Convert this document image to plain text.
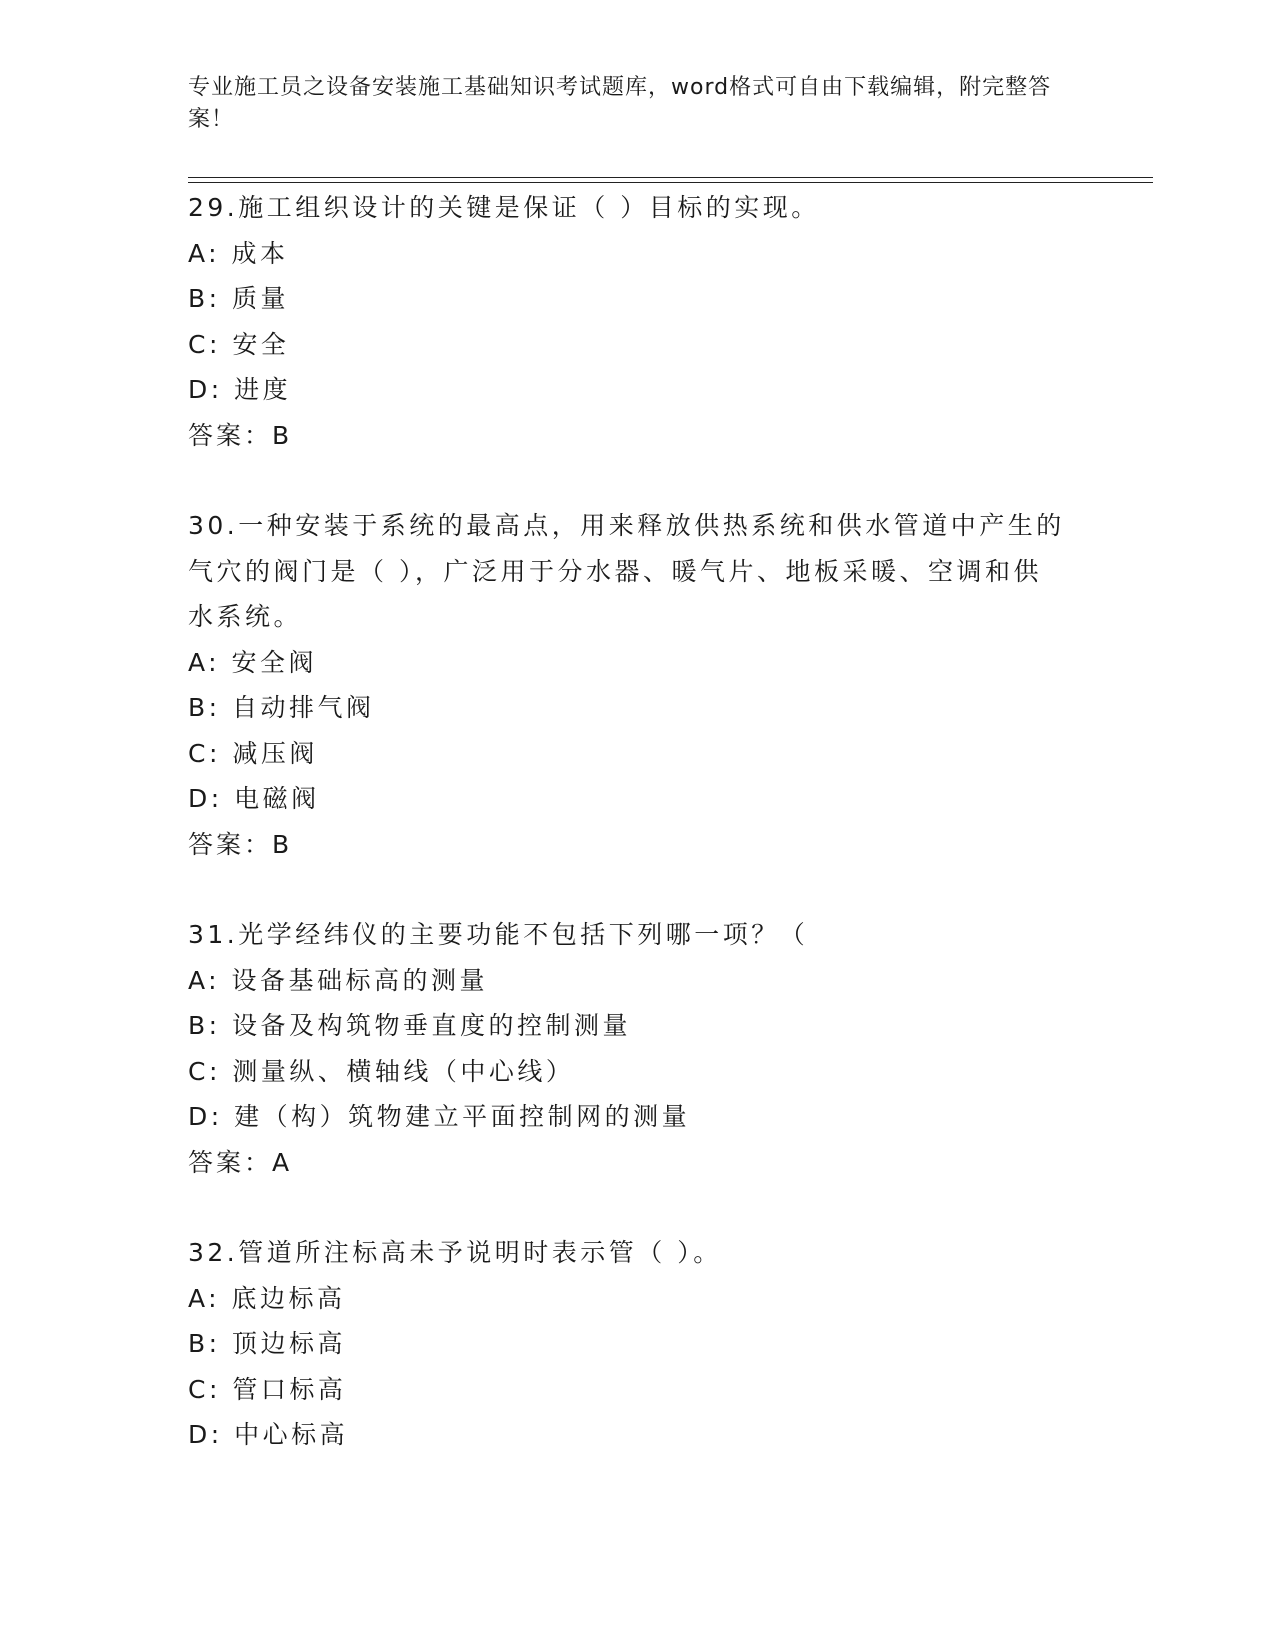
专业施工员之设备安装施工基础知识考试题库，word格式可自由下载编辑，附完整答案！
29.施工组织设计的关键是保证（ ）目标的实现。
A: 成本
B: 质量
C: 安全
D: 进度
答案：B
30.一种安装于系统的最高点，用来释放供热系统和供水管道中产生的气穴的阀门是（ ），广泛用于分水器、暖气片、地板采暖、空调和供水系统。
A: 安全阀
B: 自动排气阀
C: 减压阀
D: 电磁阀
答案：B
31.光学经纬仪的主要功能不包括下列哪一项？（
A: 设备基础标高的测量
B: 设备及构筑物垂直度的控制测量
C: 测量纵、横轴线（中心线）
D: 建（构）筑物建立平面控制网的测量
答案：A
32.管道所注标高未予说明时表示管（ ）。
A: 底边标高
B: 顶边标高
C: 管口标高
D: 中心标高
